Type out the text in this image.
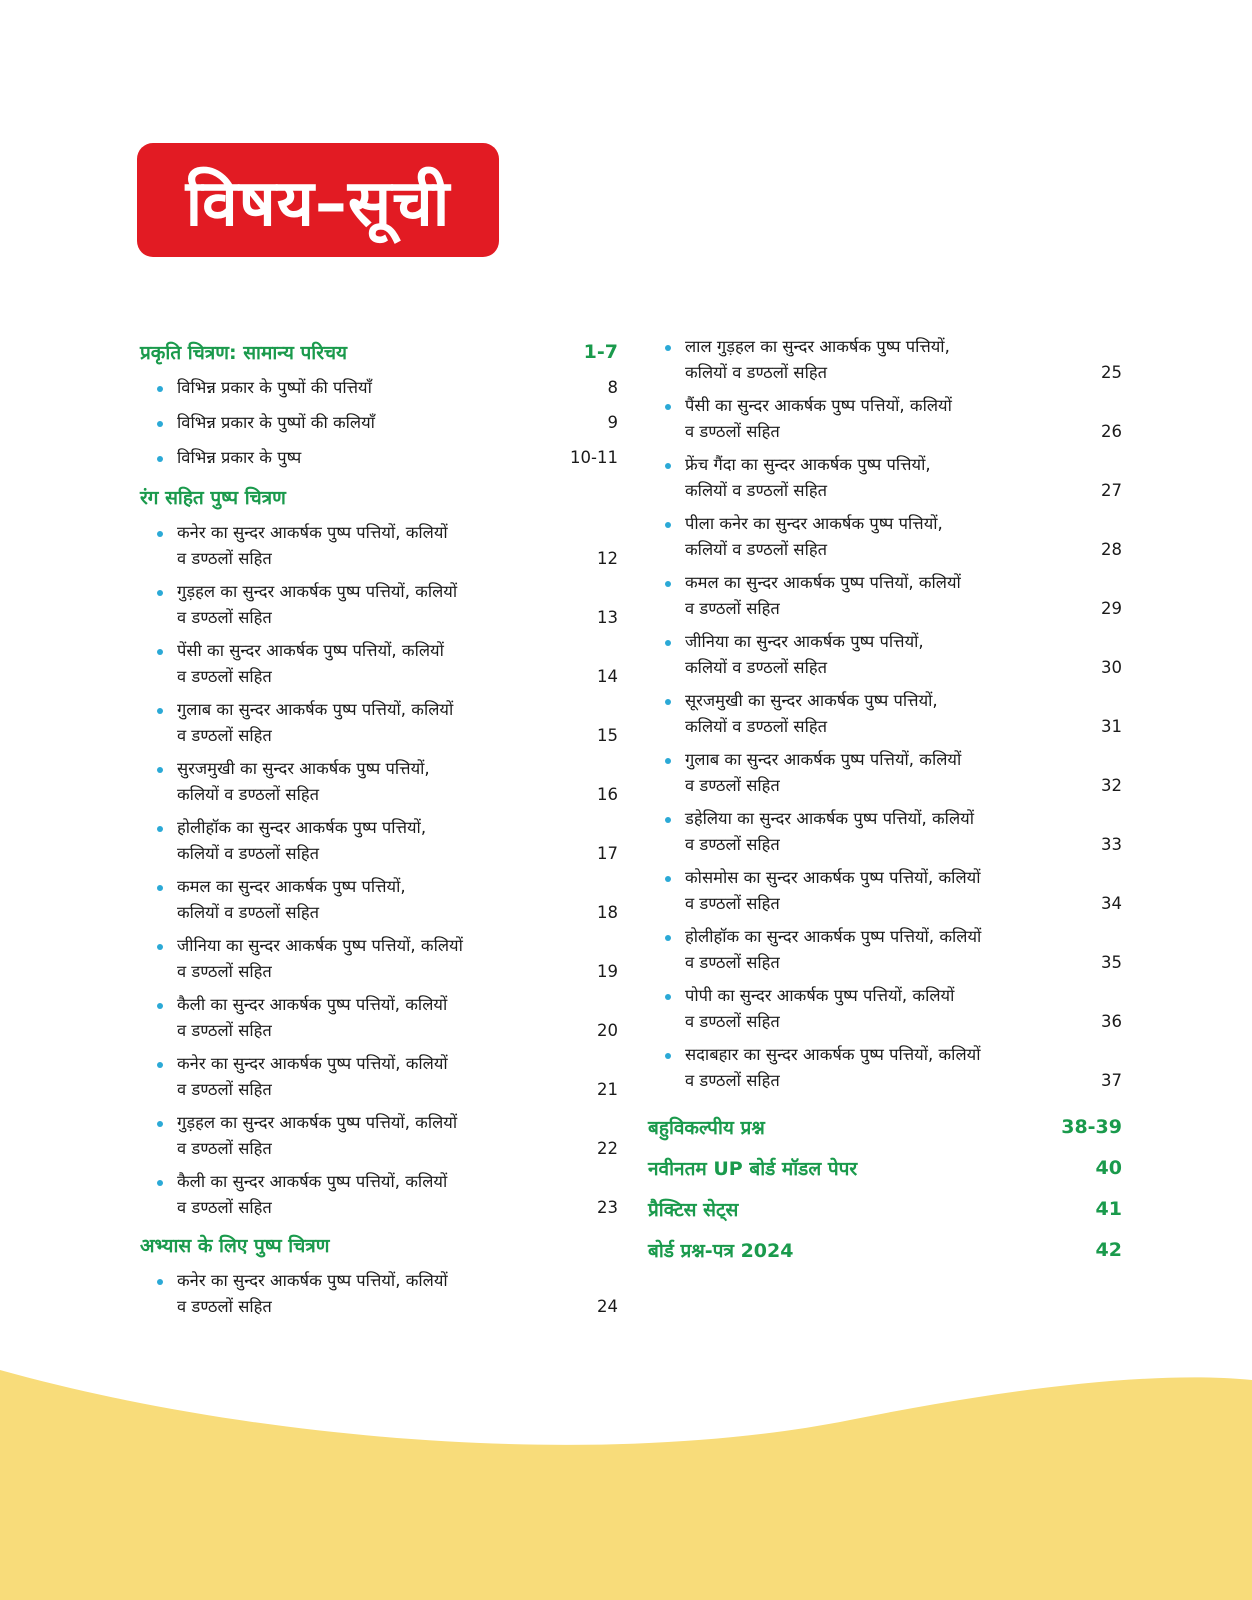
विषय–सूची
प्रकृति चित्रण: सामान्य परिचय	1-7
विभिन्न प्रकार के पुष्पों की पत्तियाँ	8
विभिन्न प्रकार के पुष्पों की कलियाँ	9
विभिन्न प्रकार के पुष्प	10-11
रंग सहित पुष्प चित्रण
कनेर का सुन्दर आकर्षक पुष्प पत्तियों, कलियों
व डण्ठलों सहित	12
गुड़हल का सुन्दर आकर्षक पुष्प पत्तियों, कलियों
व डण्ठलों सहित	13
पेंसी का सुन्दर आकर्षक पुष्प पत्तियों, कलियों
व डण्ठलों सहित	14
गुलाब का सुन्दर आकर्षक पुष्प पत्तियों, कलियों
व डण्ठलों सहित	15
सुरजमुखी का सुन्दर आकर्षक पुष्प पत्तियों,
कलियों व डण्ठलों सहित	16
होलीहॉक का सुन्दर आकर्षक पुष्प पत्तियों,
कलियों व डण्ठलों सहित	17
कमल का सुन्दर आकर्षक पुष्प पत्तियों,
कलियों व डण्ठलों सहित	18
जीनिया का सुन्दर आकर्षक पुष्प पत्तियों, कलियों
व डण्ठलों सहित	19
कैली का सुन्दर आकर्षक पुष्प पत्तियों, कलियों
व डण्ठलों सहित	20
कनेर का सुन्दर आकर्षक पुष्प पत्तियों, कलियों
व डण्ठलों सहित	21
गुड़हल का सुन्दर आकर्षक पुष्प पत्तियों, कलियों
व डण्ठलों सहित	22
कैली का सुन्दर आकर्षक पुष्प पत्तियों, कलियों
व डण्ठलों सहित	23
अभ्यास के लिए पुष्प चित्रण
कनेर का सुन्दर आकर्षक पुष्प पत्तियों, कलियों
व डण्ठलों सहित	24
लाल गुड़हल का सुन्दर आकर्षक पुष्प पत्तियों,
कलियों व डण्ठलों सहित	25
पैंसी का सुन्दर आकर्षक पुष्प पत्तियों, कलियों
व डण्ठलों सहित	26
फ्रेंच गैंदा का सुन्दर आकर्षक पुष्प पत्तियों,
कलियों व डण्ठलों सहित	27
पीला कनेर का सुन्दर आकर्षक पुष्प पत्तियों,
कलियों व डण्ठलों सहित	28
कमल का सुन्दर आकर्षक पुष्प पत्तियों, कलियों
व डण्ठलों सहित	29
जीनिया का सुन्दर आकर्षक पुष्प पत्तियों,
कलियों व डण्ठलों सहित	30
सूरजमुखी का सुन्दर आकर्षक पुष्प पत्तियों,
कलियों व डण्ठलों सहित	31
गुलाब का सुन्दर आकर्षक पुष्प पत्तियों, कलियों
व डण्ठलों सहित	32
डहेलिया का सुन्दर आकर्षक पुष्प पत्तियों, कलियों
व डण्ठलों सहित	33
कोसमोस का सुन्दर आकर्षक पुष्प पत्तियों, कलियों
व डण्ठलों सहित	34
होलीहॉक का सुन्दर आकर्षक पुष्प पत्तियों, कलियों
व डण्ठलों सहित	35
पोपी का सुन्दर आकर्षक पुष्प पत्तियों, कलियों
व डण्ठलों सहित	36
सदाबहार का सुन्दर आकर्षक पुष्प पत्तियों, कलियों
व डण्ठलों सहित	37
बहुविकल्पीय प्रश्न	38-39
नवीनतम UP बोर्ड मॉडल पेपर	40
प्रैक्टिस सेट्स	41
बोर्ड प्रश्न-पत्र 2024	42
